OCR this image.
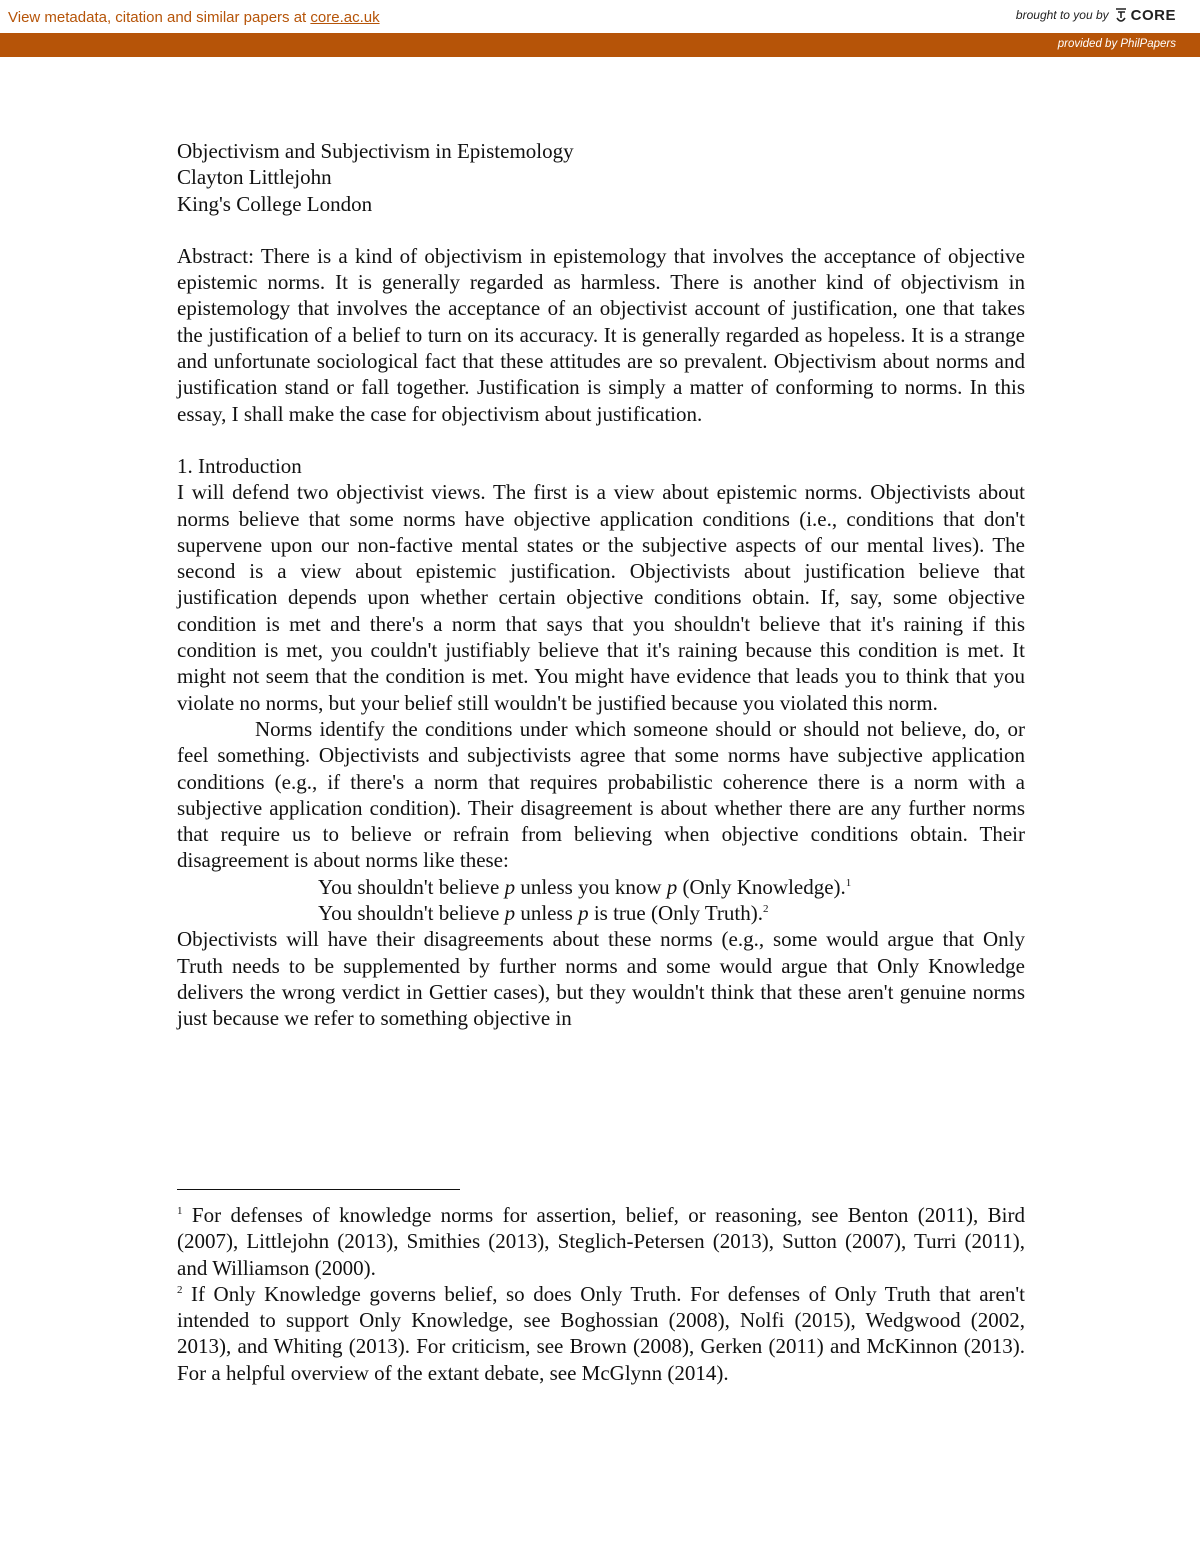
View metadata, citation and similar papers at core.ac.uk	brought to you by CORE
provided by PhilPapers
Objectivism and Subjectivism in Epistemology
Clayton Littlejohn
King's College London

Abstract: There is a kind of objectivism in epistemology that involves the acceptance of objective epistemic norms. It is generally regarded as harmless. There is another kind of objectivism in epistemology that involves the acceptance of an objectivist account of justification, one that takes the justification of a belief to turn on its accuracy. It is generally regarded as hopeless. It is a strange and unfortunate sociological fact that these attitudes are so prevalent. Objectivism about norms and justification stand or fall together. Justification is simply a matter of conforming to norms. In this essay, I shall make the case for objectivism about justification.

1. Introduction

I will defend two objectivist views. The first is a view about epistemic norms. Objectivists about norms believe that some norms have objective application conditions (i.e., conditions that don't supervene upon our non-factive mental states or the subjective aspects of our mental lives). The second is a view about epistemic justification. Objectivists about justification believe that justification depends upon whether certain objective conditions obtain. If, say, some objective condition is met and there's a norm that says that you shouldn't believe that it's raining if this condition is met, you couldn't justifiably believe that it's raining because this condition is met. It might not seem that the condition is met. You might have evidence that leads you to think that you violate no norms, but your belief still wouldn't be justified because you violated this norm.

Norms identify the conditions under which someone should or should not believe, do, or feel something. Objectivists and subjectivists agree that some norms have subjective application conditions (e.g., if there's a norm that requires probabilistic coherence there is a norm with a subjective application condition). Their disagreement is about whether there are any further norms that require us to believe or refrain from believing when objective conditions obtain. Their disagreement is about norms like these:

You shouldn't believe p unless you know p (Only Knowledge).$^1$
You shouldn't believe p unless p is true (Only Truth).$^2$

Objectivists will have their disagreements about these norms (e.g., some would argue that Only Truth needs to be supplemented by further norms and some would argue that Only Knowledge delivers the wrong verdict in Gettier cases), but they wouldn't think that these aren't genuine norms just because we refer to something objective in

$^1$ For defenses of knowledge norms for assertion, belief, or reasoning, see Benton (2011), Bird (2007), Littlejohn (2013), Smithies (2013), Steglich-Petersen (2013), Sutton (2007), Turri (2011), and Williamson (2000).
$^2$ If Only Knowledge governs belief, so does Only Truth. For defenses of Only Truth that aren't intended to support Only Knowledge, see Boghossian (2008), Nolfi (2015), Wedgwood (2002, 2013), and Whiting (2013). For criticism, see Brown (2008), Gerken (2011) and McKinnon (2013). For a helpful overview of the extant debate, see McGlynn (2014).
